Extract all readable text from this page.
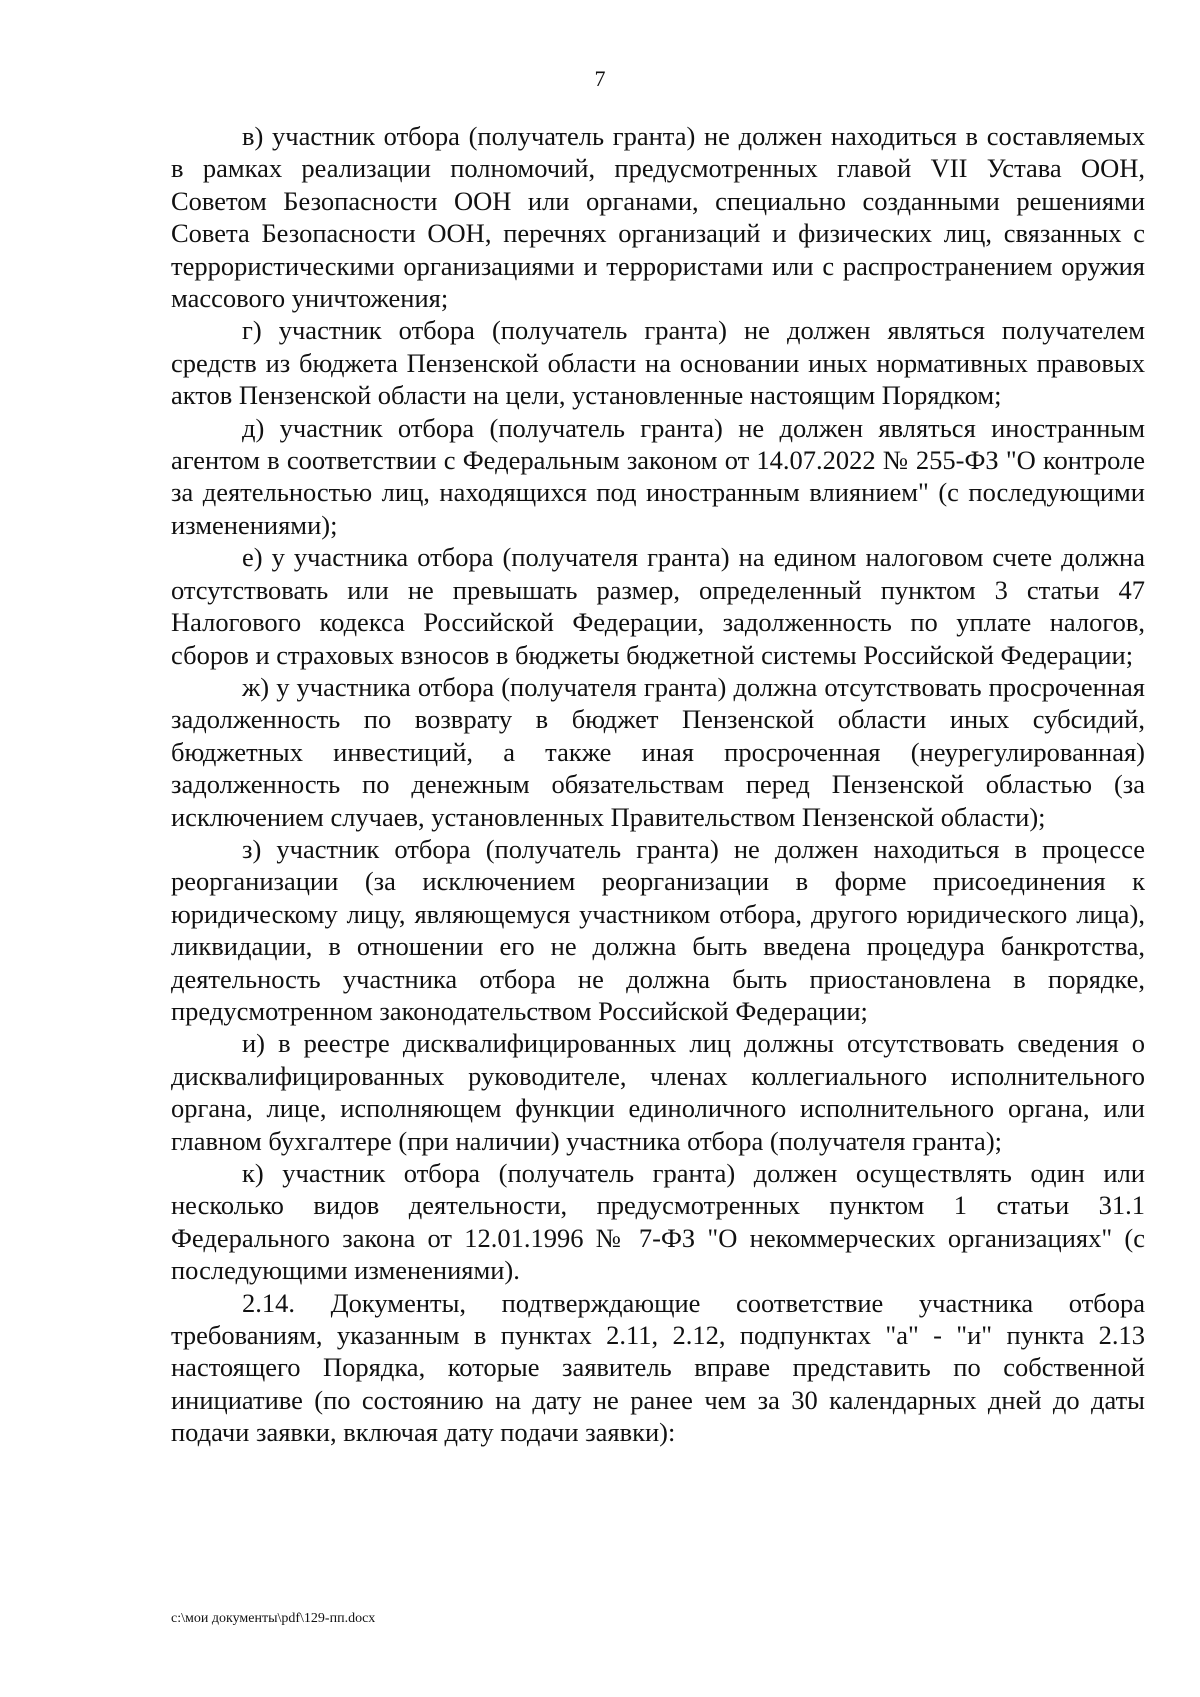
7

в) участник отбора (получатель гранта) не должен находиться в составляемых в рамках реализации полномочий, предусмотренных главой VII Устава ООН, Советом Безопасности ООН или органами, специально созданными решениями Совета Безопасности ООН, перечнях организаций и физических лиц, связанных с террористическими организациями и террористами или с распространением оружия массового уничтожения;

г) участник отбора (получатель гранта) не должен являться получателем средств из бюджета Пензенской области на основании иных нормативных правовых актов Пензенской области на цели, установленные настоящим Порядком;

д) участник отбора (получатель гранта) не должен являться иностранным агентом в соответствии с Федеральным законом от 14.07.2022 № 255-ФЗ "О контроле за деятельностью лиц, находящихся под иностранным влиянием" (с последующими изменениями);

е) у участника отбора (получателя гранта) на едином налоговом счете должна отсутствовать или не превышать размер, определенный пунктом 3 статьи 47 Налогового кодекса Российской Федерации, задолженность по уплате налогов, сборов и страховых взносов в бюджеты бюджетной системы Российской Федерации;

ж) у участника отбора (получателя гранта) должна отсутствовать просроченная задолженность по возврату в бюджет Пензенской области иных субсидий, бюджетных инвестиций, а также иная просроченная (неурегулированная) задолженность по денежным обязательствам перед Пензенской областью (за исключением случаев, установленных Правительством Пензенской области);

з) участник отбора (получатель гранта) не должен находиться в процессе реорганизации (за исключением реорганизации в форме присоединения к юридическому лицу, являющемуся участником отбора, другого юридического лица), ликвидации, в отношении его не должна быть введена процедура банкротства, деятельность участника отбора не должна быть приостановлена в порядке, предусмотренном законодательством Российской Федерации;

и) в реестре дисквалифицированных лиц должны отсутствовать сведения о дисквалифицированных руководителе, членах коллегиального исполнительного органа, лице, исполняющем функции единоличного исполнительного органа, или главном бухгалтере (при наличии) участника отбора (получателя гранта);

к) участник отбора (получатель гранта) должен осуществлять один или несколько видов деятельности, предусмотренных пунктом 1 статьи 31.1 Федерального закона от 12.01.1996 № 7-ФЗ "О некоммерческих организациях" (с последующими изменениями).

2.14. Документы, подтверждающие соответствие участника отбора требованиям, указанным в пунктах 2.11, 2.12, подпунктах "а" - "и" пункта 2.13 настоящего Порядка, которые заявитель вправе представить по собственной инициативе (по состоянию на дату не ранее чем за 30 календарных дней до даты подачи заявки, включая дату подачи заявки):

c:\мои документы\pdf\129-пп.docx
